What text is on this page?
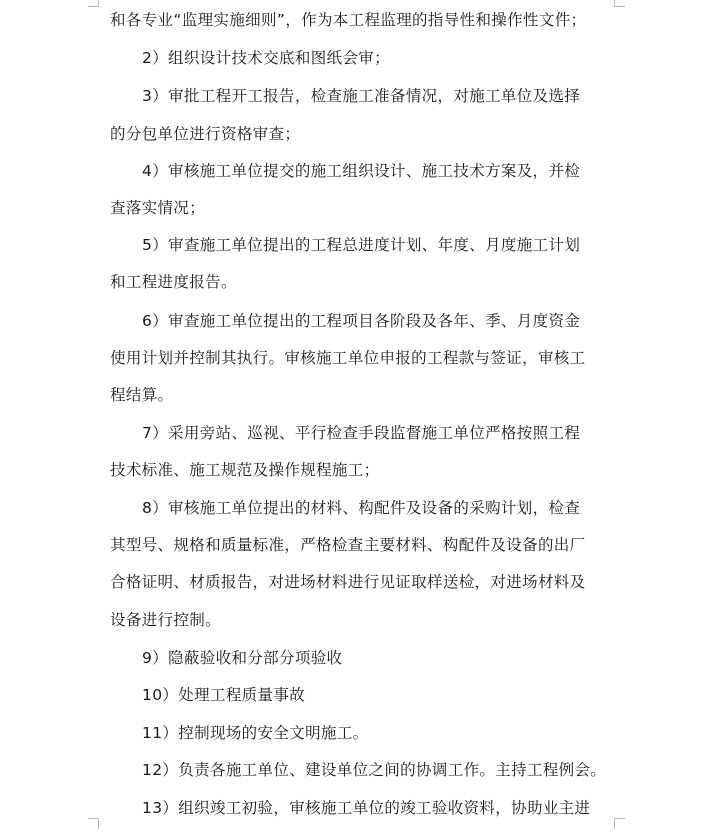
和各专业“监理实施细则”，作为本工程监理的指导性和操作性文件；
2）组织设计技术交底和图纸会审；
3）审批工程开工报告，检查施工准备情况，对施工单位及选择
的分包单位进行资格审查；
4）审核施工单位提交的施工组织设计、施工技术方案及，并检
查落实情况；
5）审查施工单位提出的工程总进度计划、年度、月度施工计划
和工程进度报告。
6）审查施工单位提出的工程项目各阶段及各年、季、月度资金
使用计划并控制其执行。审核施工单位申报的工程款与签证，审核工
程结算。
7）采用旁站、巡视、平行检查手段监督施工单位严格按照工程
技术标准、施工规范及操作规程施工；
8）审核施工单位提出的材料、构配件及设备的采购计划，检查
其型号、规格和质量标准，严格检查主要材料、构配件及设备的出厂
合格证明、材质报告，对进场材料进行见证取样送检，对进场材料及
设备进行控制。
9）隐蔽验收和分部分项验收
10）处理工程质量事故
11）控制现场的安全文明施工。
12）负责各施工单位、建设单位之间的协调工作。主持工程例会。
13）组织竣工初验，审核施工单位的竣工验收资料，协助业主进
